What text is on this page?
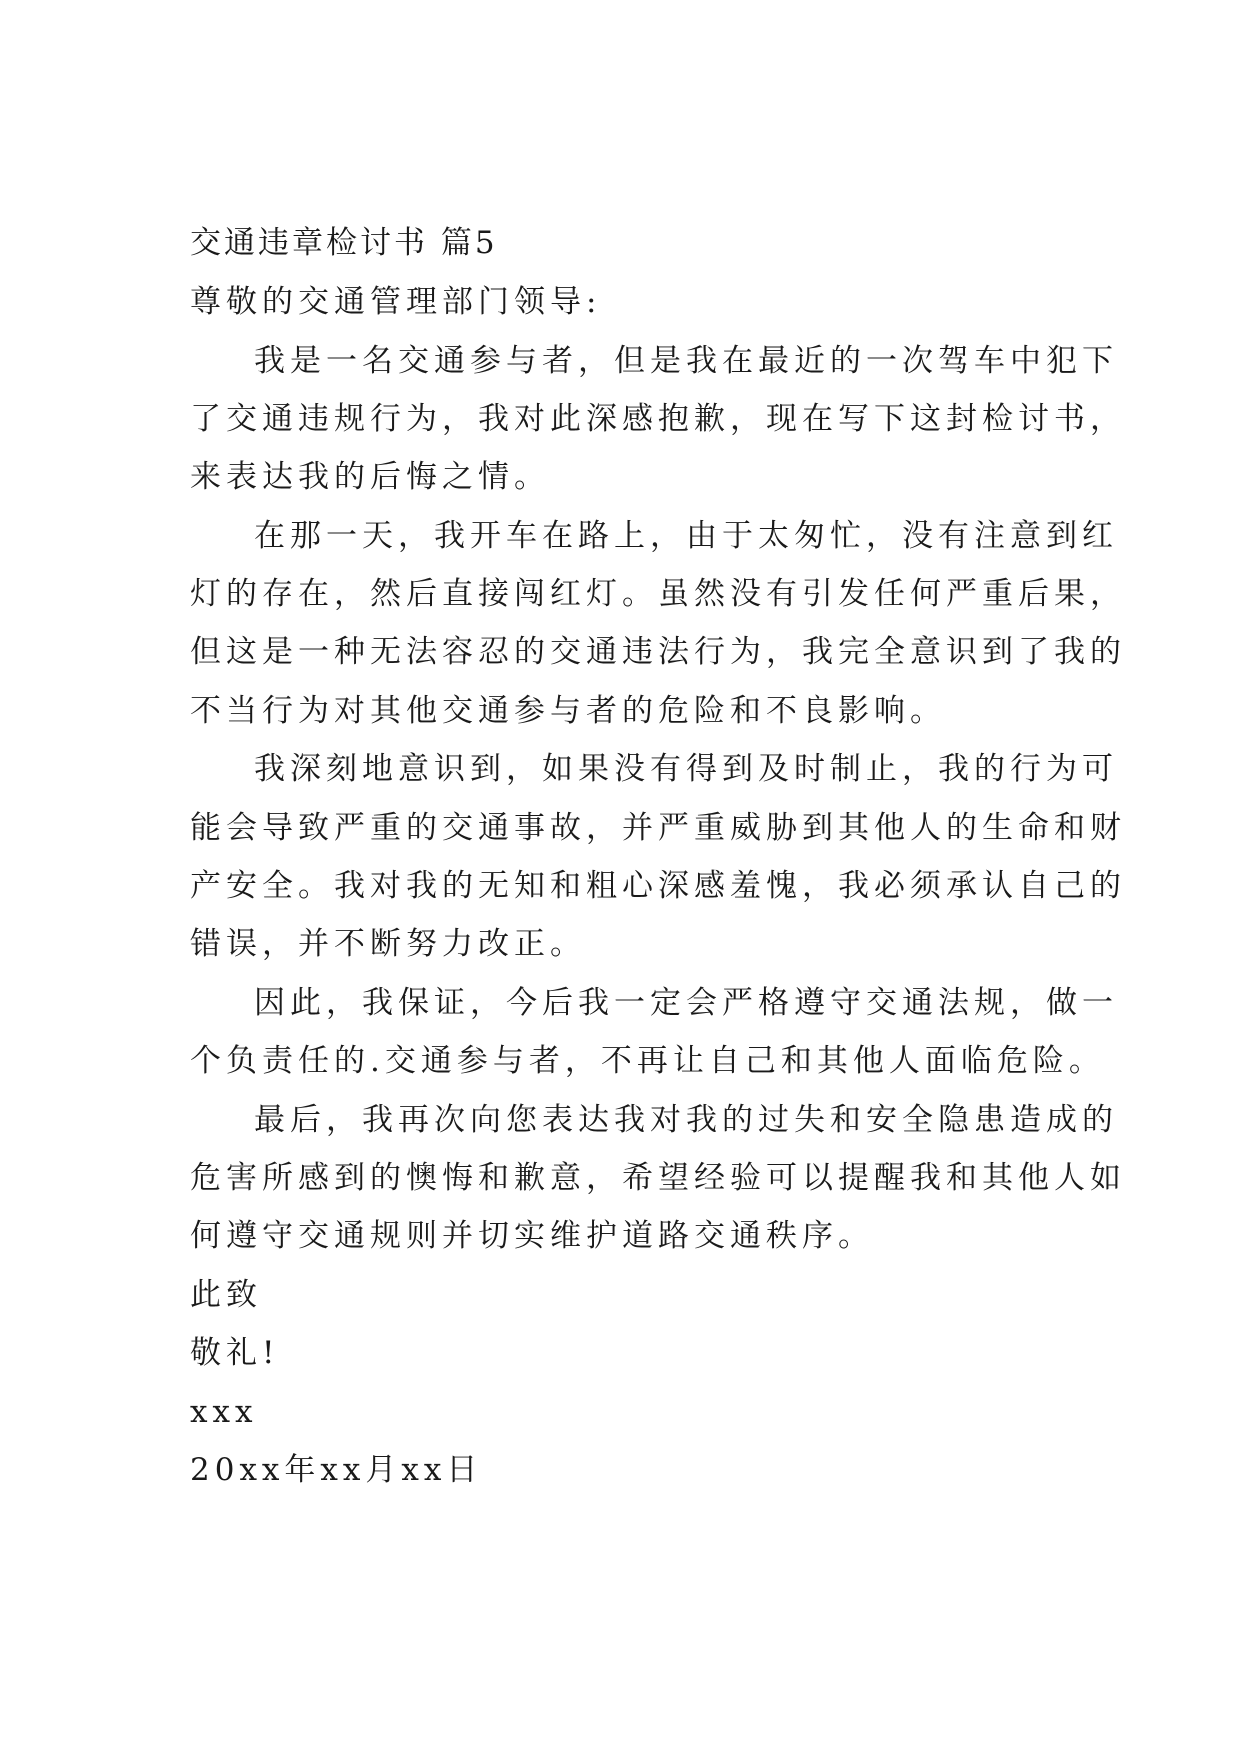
交通违章检讨书 篇5
尊敬的交通管理部门领导:
我是一名交通参与者，但是我在最近的一次驾车中犯下
了交通违规行为，我对此深感抱歉，现在写下这封检讨书，
来表达我的后悔之情。
在那一天，我开车在路上，由于太匆忙，没有注意到红
灯的存在，然后直接闯红灯。虽然没有引发任何严重后果，
但这是一种无法容忍的交通违法行为，我完全意识到了我的
不当行为对其他交通参与者的危险和不良影响。
我深刻地意识到，如果没有得到及时制止，我的行为可
能会导致严重的交通事故，并严重威胁到其他人的生命和财
产安全。我对我的无知和粗心深感羞愧，我必须承认自己的
错误，并不断努力改正。
因此，我保证，今后我一定会严格遵守交通法规，做一
个负责任的.交通参与者，不再让自己和其他人面临危险。
最后，我再次向您表达我对我的过失和安全隐患造成的
危害所感到的懊悔和歉意，希望经验可以提醒我和其他人如
何遵守交通规则并切实维护道路交通秩序。
此致
敬礼!
xxx
20xx年xx月xx日
